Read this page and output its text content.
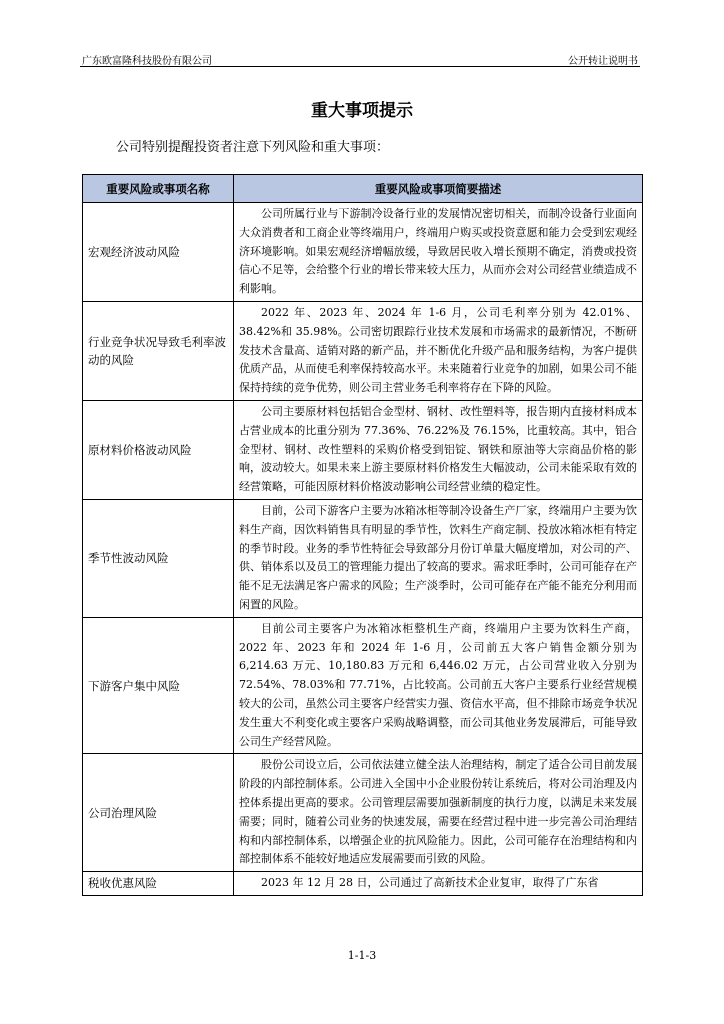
广东欧富隆科技股份有限公司	公开转让说明书
重大事项提示
公司特别提醒投资者注意下列风险和重大事项：
重要风险或事项名称	重要风险或事项简要描述
宏观经济波动风险	公司所属行业与下游制冷设备行业的发展情况密切相关，而制冷设备行业面向大众消费者和工商企业等终端用户，终端用户购买或投资意愿和能力会受到宏观经济环境影响。如果宏观经济增幅放缓，导致居民收入增长预期不确定，消费或投资信心不足等，会给整个行业的增长带来较大压力，从而亦会对公司经营业绩造成不利影响。
行业竞争状况导致毛利率波动的风险	2022 年、2023 年、2024 年 1-6 月，公司毛利率分别为 42.01%、38.42%和 35.98%。公司密切跟踪行业技术发展和市场需求的最新情况，不断研发技术含量高、适销对路的新产品，并不断优化升级产品和服务结构，为客户提供优质产品，从而使毛利率保持较高水平。未来随着行业竞争的加剧，如果公司不能保持持续的竞争优势，则公司主营业务毛利率将存在下降的风险。
原材料价格波动风险	公司主要原材料包括铝合金型材、钢材、改性塑料等，报告期内直接材料成本占营业成本的比重分别为 77.36%、76.22%及 76.15%，比重较高。其中，铝合金型材、钢材、改性塑料的采购价格受到铝锭、钢铁和原油等大宗商品价格的影响，波动较大。如果未来上游主要原材料价格发生大幅波动，公司未能采取有效的经营策略，可能因原材料价格波动影响公司经营业绩的稳定性。
季节性波动风险	目前，公司下游客户主要为冰箱冰柜等制冷设备生产厂家，终端用户主要为饮料生产商，因饮料销售具有明显的季节性，饮料生产商定制、投放冰箱冰柜有特定的季节时段。业务的季节性特征会导致部分月份订单量大幅度增加，对公司的产、供、销体系以及员工的管理能力提出了较高的要求。需求旺季时，公司可能存在产能不足无法满足客户需求的风险；生产淡季时，公司可能存在产能不能充分利用而闲置的风险。
下游客户集中风险	目前公司主要客户为冰箱冰柜整机生产商，终端用户主要为饮料生产商，2022 年、2023 年和 2024 年 1-6 月，公司前五大客户销售金额分别为 6,214.63 万元、10,180.83 万元和 6,446.02 万元，占公司营业收入分别为 72.54%、78.03%和 77.71%，占比较高。公司前五大客户主要系行业经营规模较大的公司，虽然公司主要客户经营实力强、资信水平高，但不排除市场竞争状况发生重大不利变化或主要客户采购战略调整，而公司其他业务发展滞后，可能导致公司生产经营风险。
公司治理风险	股份公司设立后，公司依法建立健全法人治理结构，制定了适合公司目前发展阶段的内部控制体系。公司进入全国中小企业股份转让系统后，将对公司治理及内控体系提出更高的要求。公司管理层需要加强新制度的执行力度，以满足未来发展需要；同时，随着公司业务的快速发展，需要在经营过程中进一步完善公司治理结构和内部控制体系，以增强企业的抗风险能力。因此，公司可能存在治理结构和内部控制体系不能较好地适应发展需要而引致的风险。
税收优惠风险	2023 年 12 月 28 日，公司通过了高新技术企业复审，取得了广东省
1-1-3
